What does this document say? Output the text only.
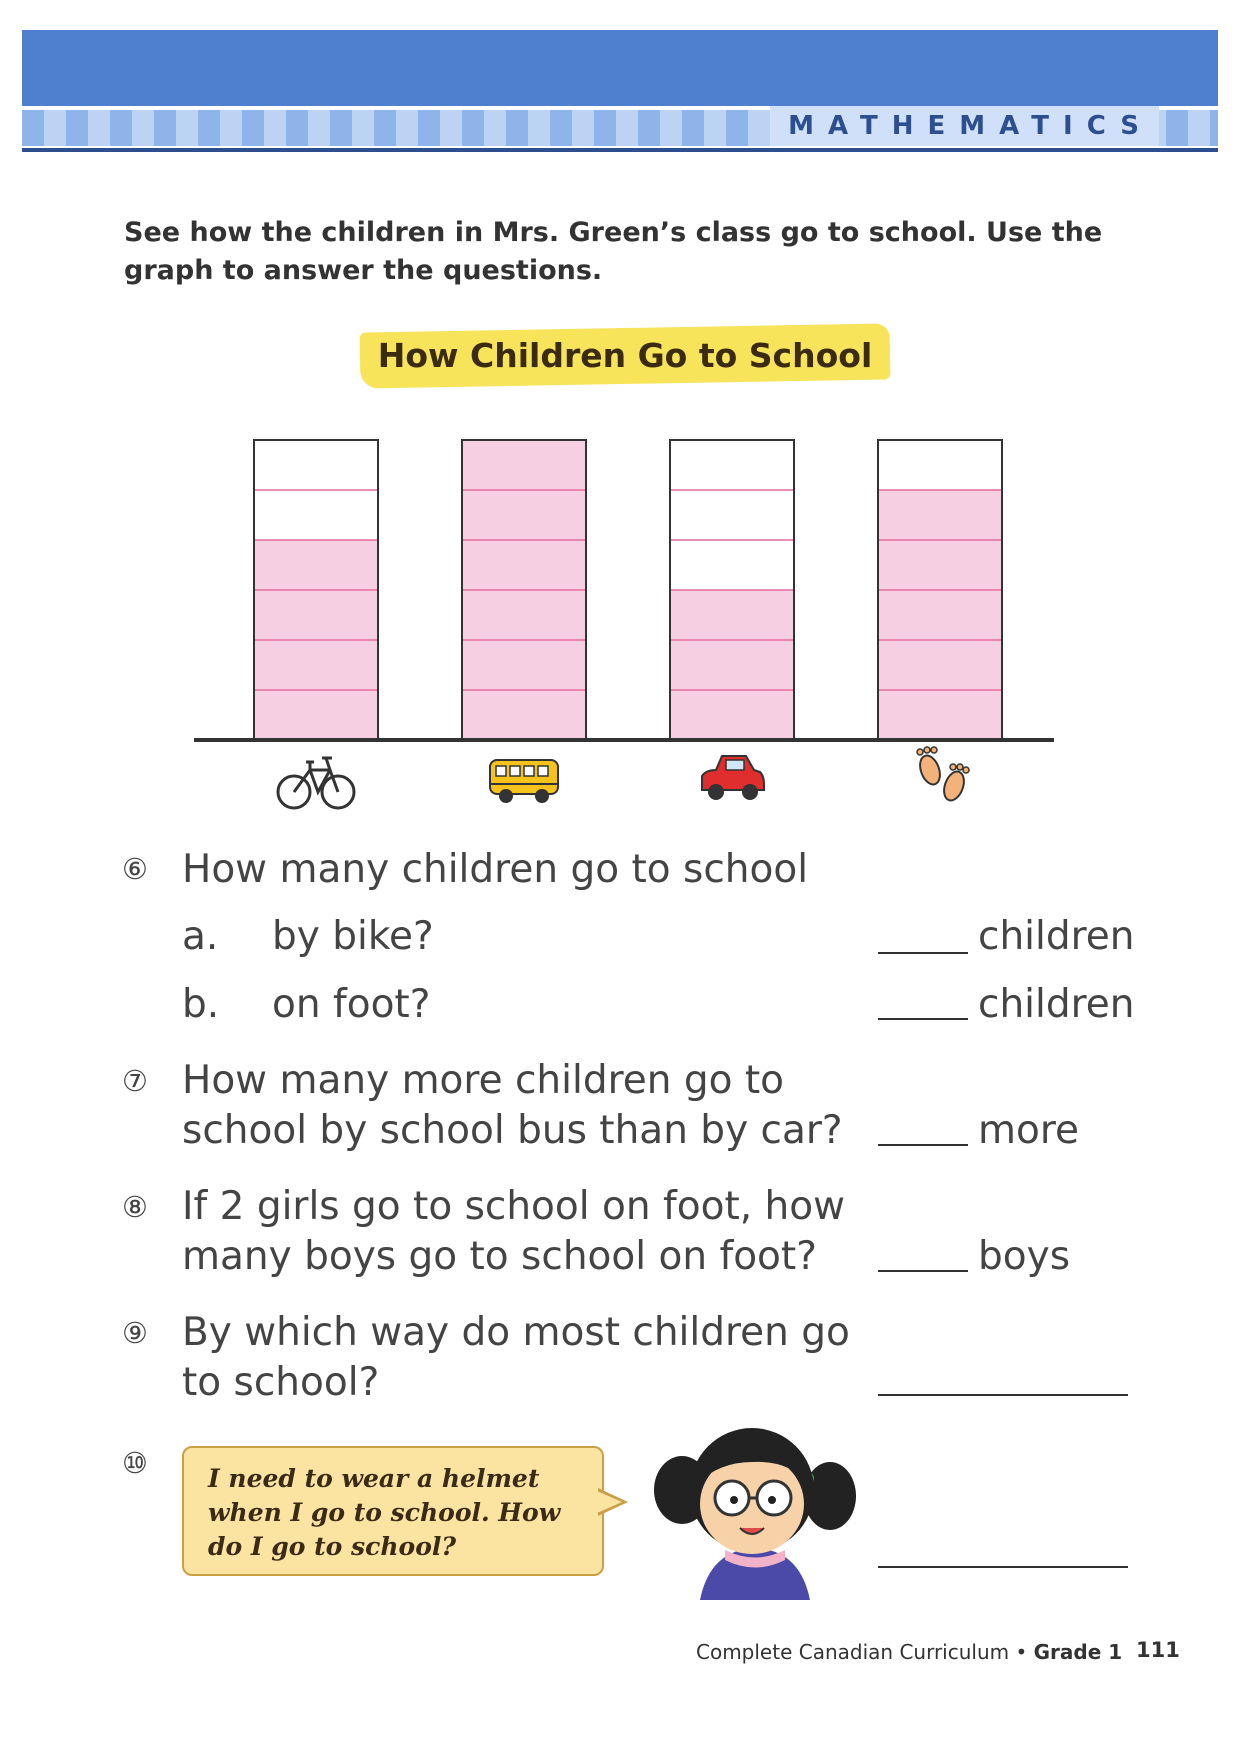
MATHEMATICS
See how the children in Mrs. Green’s class go to school. Use the graph to answer the questions.
How Children Go to School
⑥ How many children go to school
a. by bike?	children
b. on foot?	children
⑦ How many more children go to
school by school bus than by car?	more
⑧ If 2 girls go to school on foot, how
many boys go to school on foot?	boys
⑨ By which way do most children go
to school?
⑩ I need to wear a helmet when I go to school. How do I go to school?
Complete Canadian Curriculum • Grade 1 111
